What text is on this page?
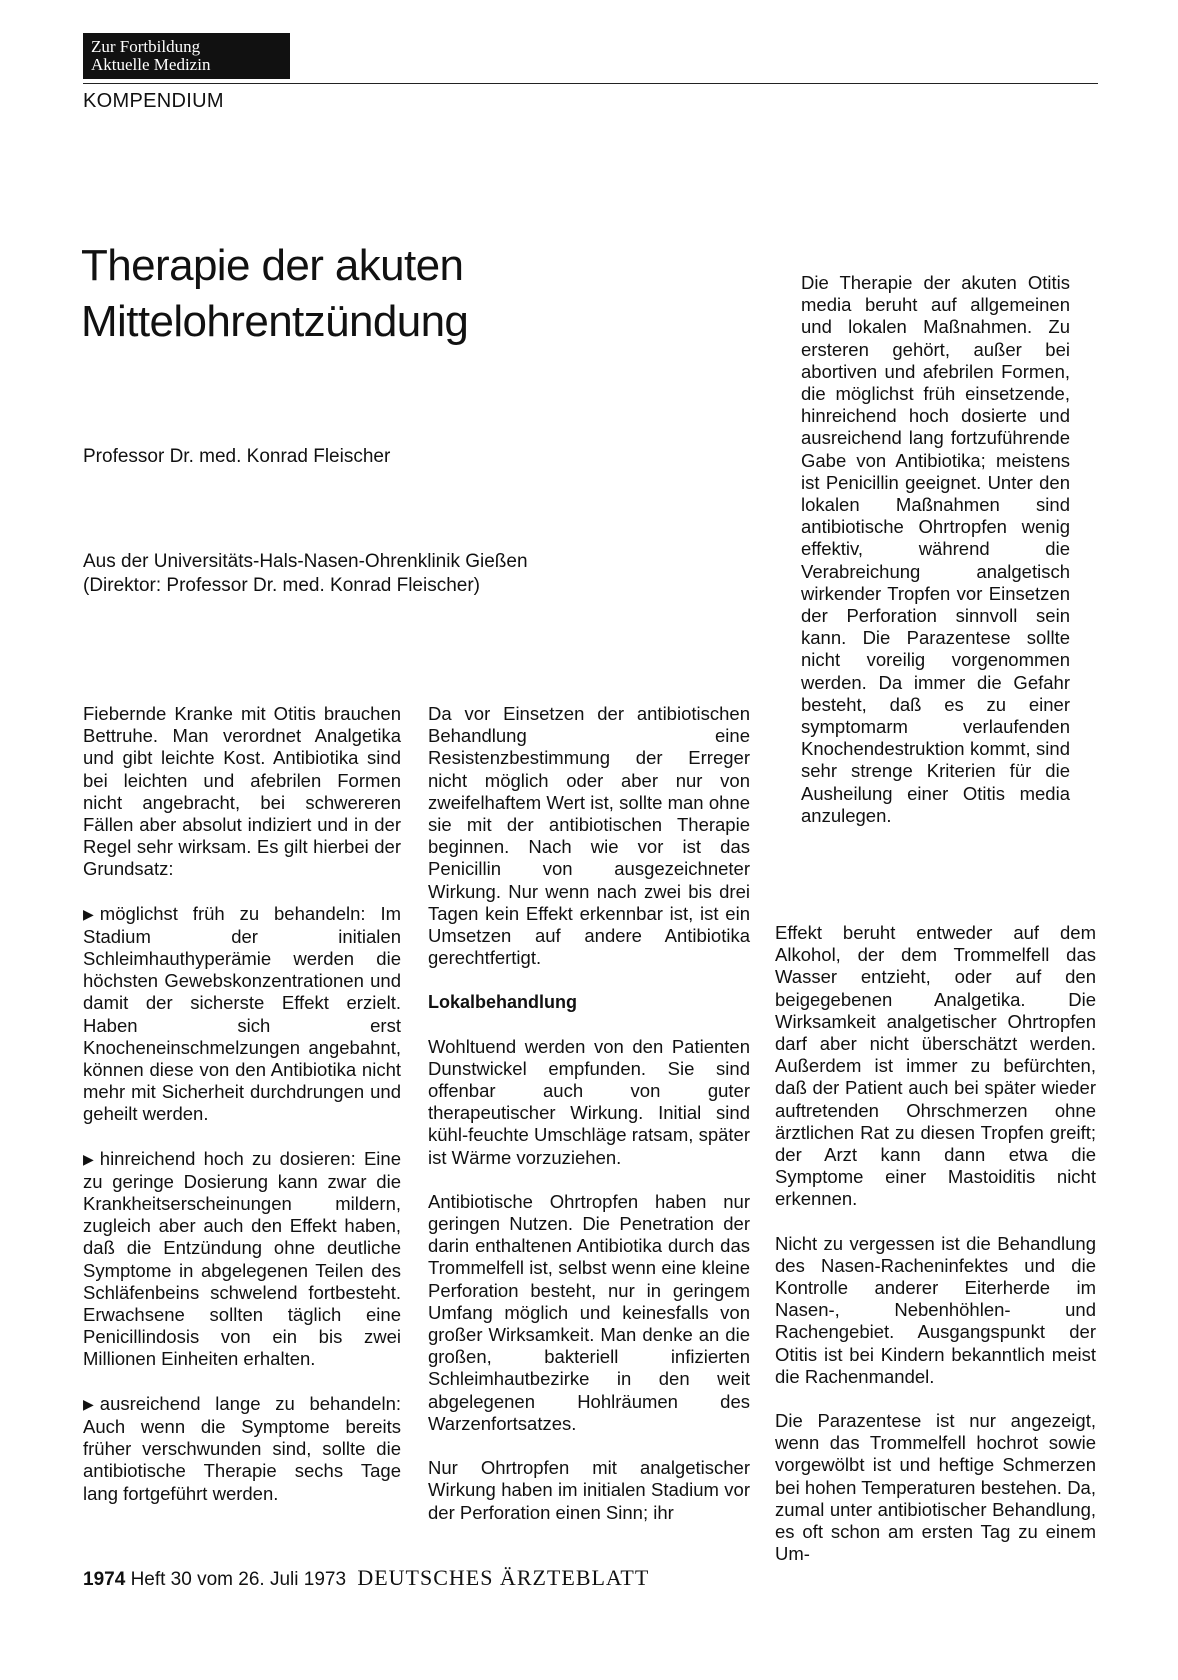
Zur Fortbildung
Aktuelle Medizin
KOMPENDIUM
Therapie der akuten
Mittelohrentzündung
Professor Dr. med. Konrad Fleischer
Aus der Universitäts-Hals-Nasen-Ohrenklinik Gießen
(Direktor: Professor Dr. med. Konrad Fleischer)

Die Therapie der akuten Otitis media beruht auf allgemeinen und lokalen Maßnahmen. Zu ersteren gehört, außer bei abortiven und afebrilen Formen, die möglichst früh einsetzende, hinreichend hoch dosierte und ausreichend lang fortzuführende Gabe von Antibiotika; meistens ist Penicillin geeignet. Unter den lokalen Maßnahmen sind antibiotische Ohrtropfen wenig effektiv, während die Verabreichung analgetisch wirkender Tropfen vor Einsetzen der Perforation sinnvoll sein kann. Die Parazentese sollte nicht voreilig vorgenommen werden. Da immer die Gefahr besteht, daß es zu einer symptomarm verlaufenden Knochendestruktion kommt, sind sehr strenge Kriterien für die Ausheilung einer Otitis media anzulegen.

Fiebernde Kranke mit Otitis brauchen Bettruhe. Man verordnet Analgetika und gibt leichte Kost. Antibiotika sind bei leichten und afebrilen Formen nicht angebracht, bei schwereren Fällen aber absolut indiziert und in der Regel sehr wirksam. Es gilt hierbei der Grundsatz:

▶ möglichst früh zu behandeln: Im Stadium der initialen Schleimhauthyperämie werden die höchsten Gewebskonzentrationen und damit der sicherste Effekt erzielt. Haben sich erst Knocheneinschmelzungen angebahnt, können diese von den Antibiotika nicht mehr mit Sicherheit durchdrungen und geheilt werden.

▶ hinreichend hoch zu dosieren: Eine zu geringe Dosierung kann zwar die Krankheitserscheinungen mildern, zugleich aber auch den Effekt haben, daß die Entzündung ohne deutliche Symptome in abgelegenen Teilen des Schläfenbeins schwelend fortbesteht. Erwachsene sollten täglich eine Penicillindosis von ein bis zwei Millionen Einheiten erhalten.

▶ ausreichend lange zu behandeln: Auch wenn die Symptome bereits früher verschwunden sind, sollte die antibiotische Therapie sechs Tage lang fortgeführt werden.

Da vor Einsetzen der antibiotischen Behandlung eine Resistenzbestimmung der Erreger nicht möglich oder aber nur von zweifelhaftem Wert ist, sollte man ohne sie mit der antibiotischen Therapie beginnen. Nach wie vor ist das Penicillin von ausgezeichneter Wirkung. Nur wenn nach zwei bis drei Tagen kein Effekt erkennbar ist, ist ein Umsetzen auf andere Antibiotika gerechtfertigt.

Lokalbehandlung

Wohltuend werden von den Patienten Dunstwickel empfunden. Sie sind offenbar auch von guter therapeutischer Wirkung. Initial sind kühl-feuchte Umschläge ratsam, später ist Wärme vorzuziehen.

Antibiotische Ohrtropfen haben nur geringen Nutzen. Die Penetration der darin enthaltenen Antibiotika durch das Trommelfell ist, selbst wenn eine kleine Perforation besteht, nur in geringem Umfang möglich und keinesfalls von großer Wirksamkeit. Man denke an die großen, bakteriell infizierten Schleimhautbezirke in den weit abgelegenen Hohlräumen des Warzenfortsatzes.

Nur Ohrtropfen mit analgetischer Wirkung haben im initialen Stadium vor der Perforation einen Sinn; ihr

Effekt beruht entweder auf dem Alkohol, der dem Trommelfell das Wasser entzieht, oder auf den beigegebenen Analgetika. Die Wirksamkeit analgetischer Ohrtropfen darf aber nicht überschätzt werden. Außerdem ist immer zu befürchten, daß der Patient auch bei später wieder auftretenden Ohrschmerzen ohne ärztlichen Rat zu diesen Tropfen greift; der Arzt kann dann etwa die Symptome einer Mastoiditis nicht erkennen.

Nicht zu vergessen ist die Behandlung des Nasen-Racheninfektes und die Kontrolle anderer Eiterherde im Nasen-, Nebenhöhlen- und Rachengebiet. Ausgangspunkt der Otitis ist bei Kindern bekanntlich meist die Rachenmandel.

Die Parazentese ist nur angezeigt, wenn das Trommelfell hochrot sowie vorgewölbt ist und heftige Schmerzen bei hohen Temperaturen bestehen. Da, zumal unter antibiotischer Behandlung, es oft schon am ersten Tag zu einem Um-

1974 Heft 30 vom 26. Juli 1973 DEUTSCHES ÄRZTEBLATT
